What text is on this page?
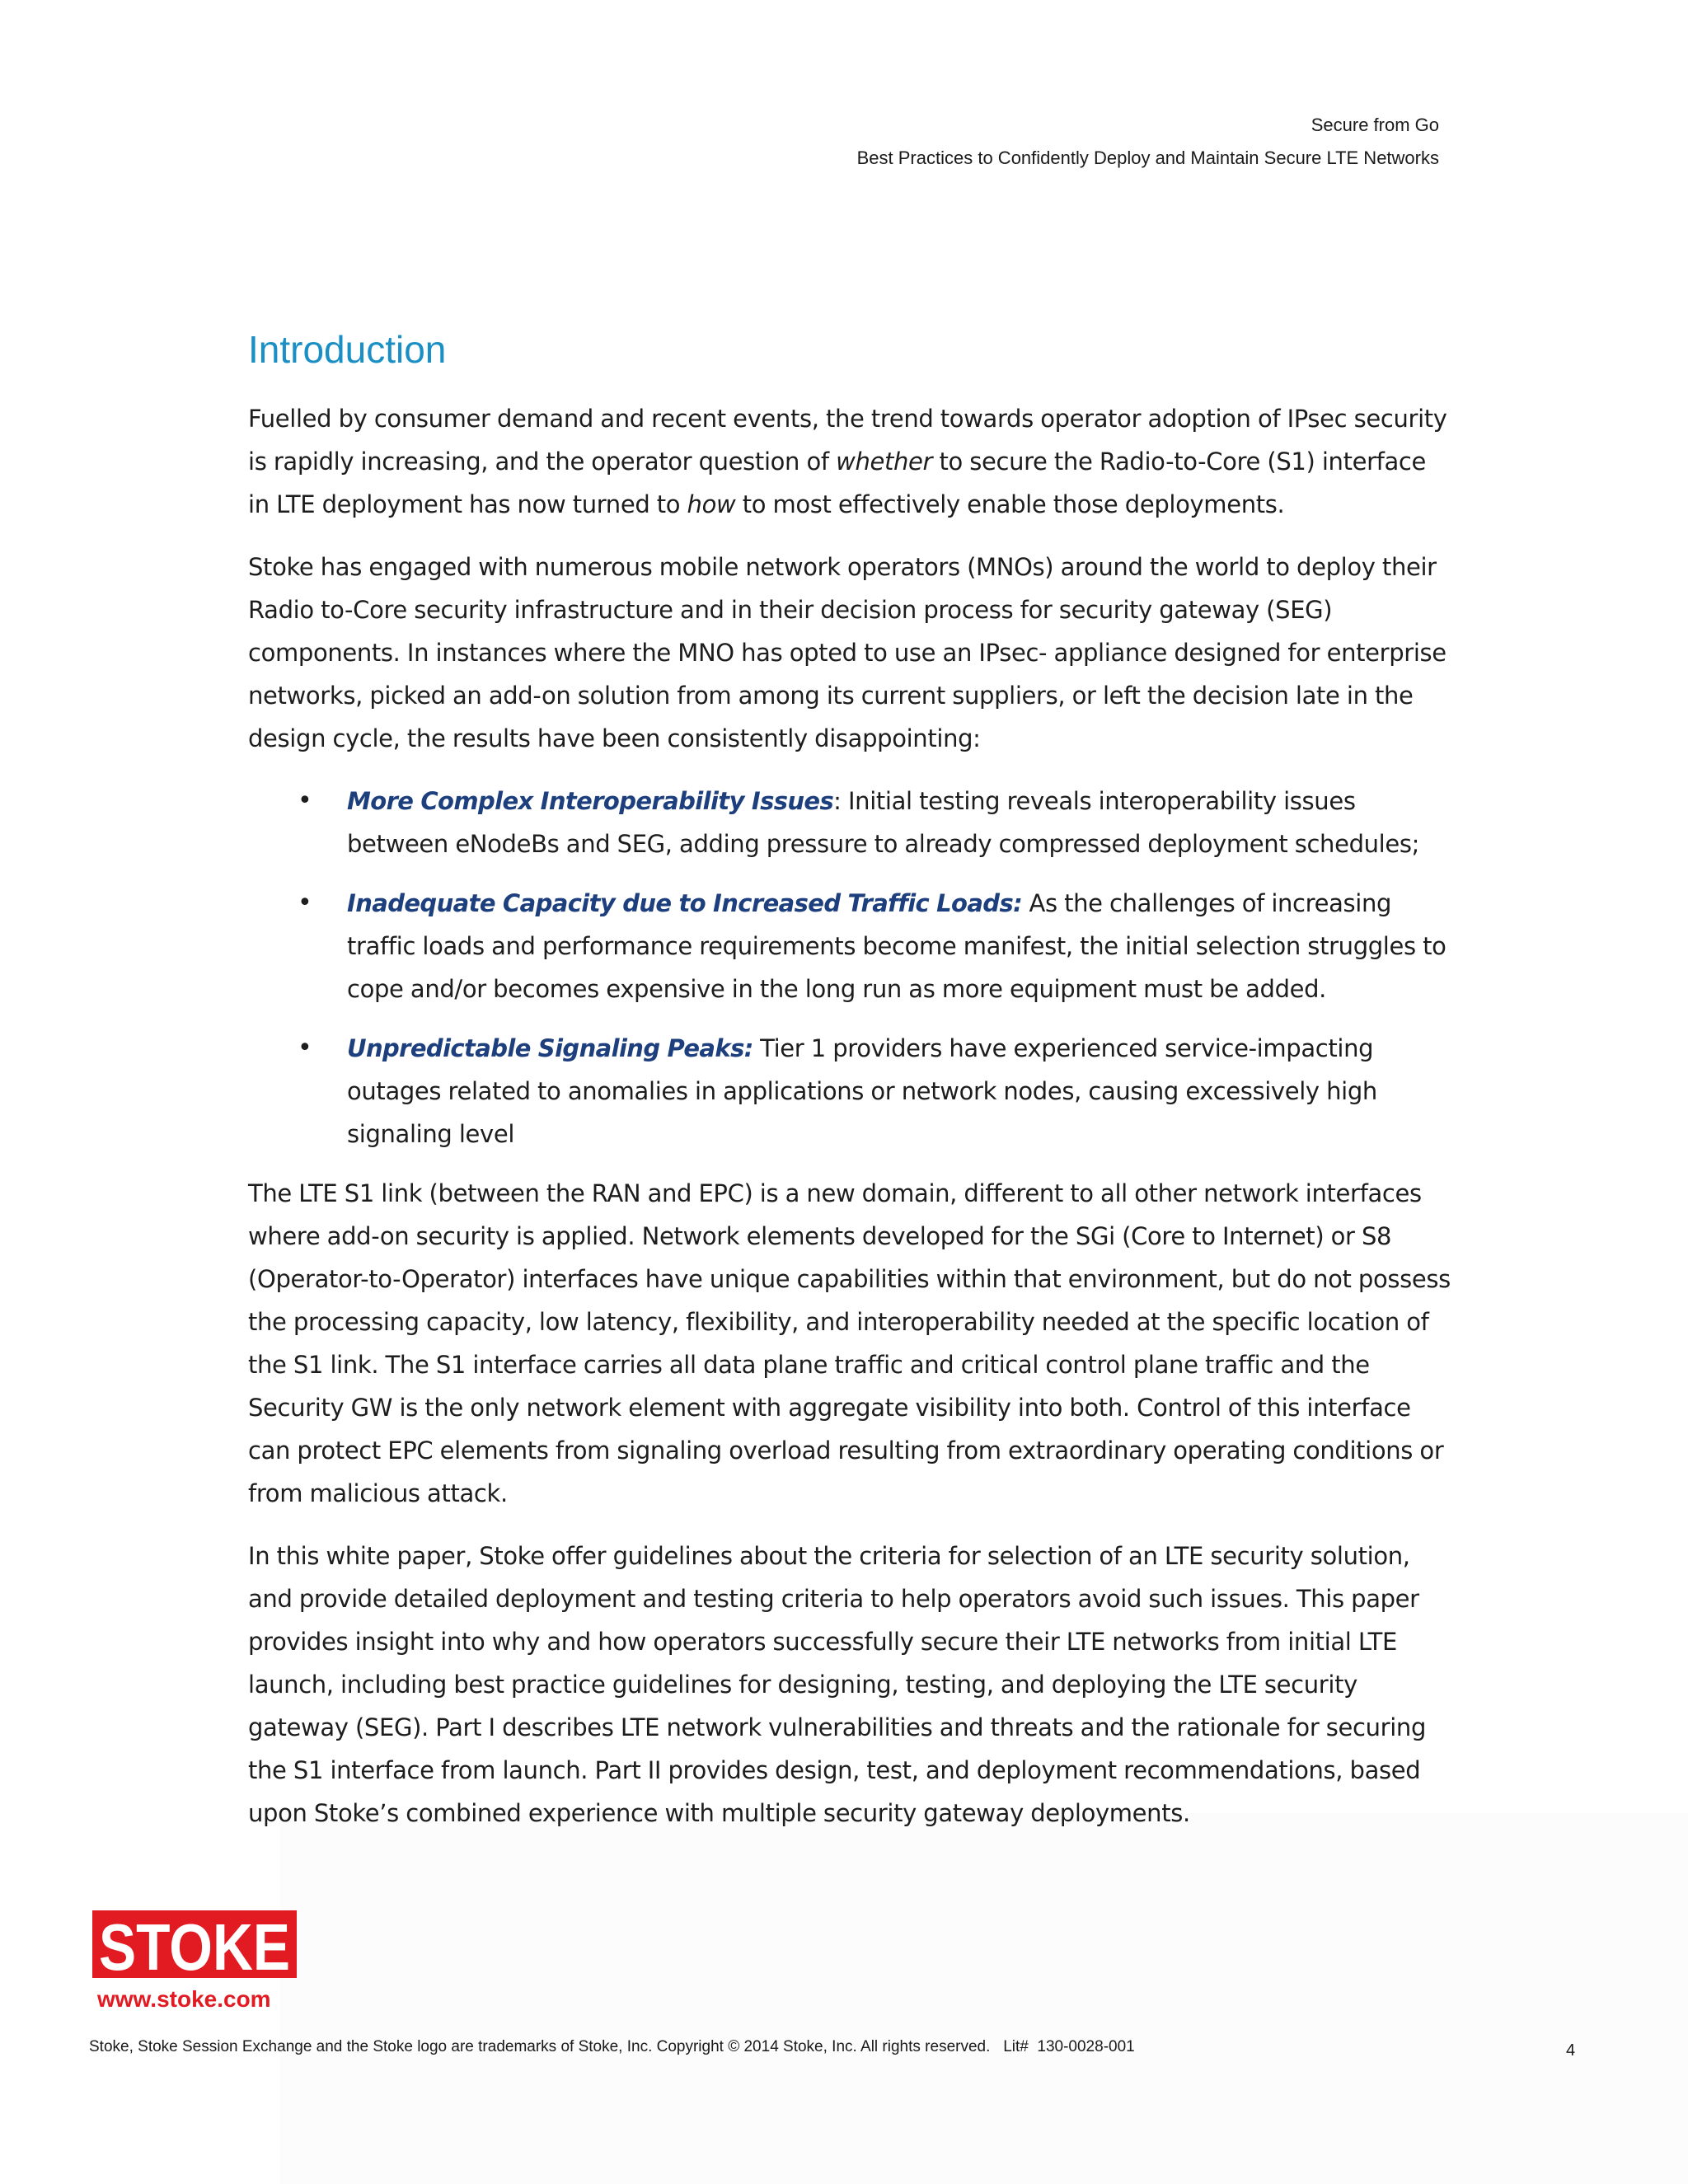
Secure from Go
Best Practices to Confidently Deploy and Maintain Secure LTE Networks
Introduction

Fuelled by consumer demand and recent events, the trend towards operator adoption of IPsec security is rapidly increasing, and the operator question of whether to secure the Radio-to-Core (S1) interface in LTE deployment has now turned to how to most effectively enable those deployments.

Stoke has engaged with numerous mobile network operators (MNOs) around the world to deploy their Radio to-Core security infrastructure and in their decision process for security gateway (SEG) components. In instances where the MNO has opted to use an IPsec- appliance designed for enterprise networks, picked an add-on solution from among its current suppliers, or left the decision late in the design cycle, the results have been consistently disappointing:

• More Complex Interoperability Issues: Initial testing reveals interoperability issues between eNodeBs and SEG, adding pressure to already compressed deployment schedules;
• Inadequate Capacity due to Increased Traffic Loads: As the challenges of increasing traffic loads and performance requirements become manifest, the initial selection struggles to cope and/or becomes expensive in the long run as more equipment must be added.
• Unpredictable Signaling Peaks: Tier 1 providers have experienced service-impacting outages related to anomalies in applications or network nodes, causing excessively high signaling level

The LTE S1 link (between the RAN and EPC) is a new domain, different to all other network interfaces where add-on security is applied. Network elements developed for the SGi (Core to Internet) or S8 (Operator-to-Operator) interfaces have unique capabilities within that environment, but do not possess the processing capacity, low latency, flexibility, and interoperability needed at the specific location of the S1 link. The S1 interface carries all data plane traffic and critical control plane traffic and the Security GW is the only network element with aggregate visibility into both. Control of this interface can protect EPC elements from signaling overload resulting from extraordinary operating conditions or from malicious attack.

In this white paper, Stoke offer guidelines about the criteria for selection of an LTE security solution, and provide detailed deployment and testing criteria to help operators avoid such issues. This paper provides insight into why and how operators successfully secure their LTE networks from initial LTE launch, including best practice guidelines for designing, testing, and deploying the LTE security gateway (SEG). Part I describes LTE network vulnerabilities and threats and the rationale for securing the S1 interface from launch. Part II provides design, test, and deployment recommendations, based upon Stoke’s combined experience with multiple security gateway deployments.

STOKE
www.stoke.com
Stoke, Stoke Session Exchange and the Stoke logo are trademarks of Stoke, Inc. Copyright © 2014 Stoke, Inc. All rights reserved.   Lit#  130-0028-001	4
